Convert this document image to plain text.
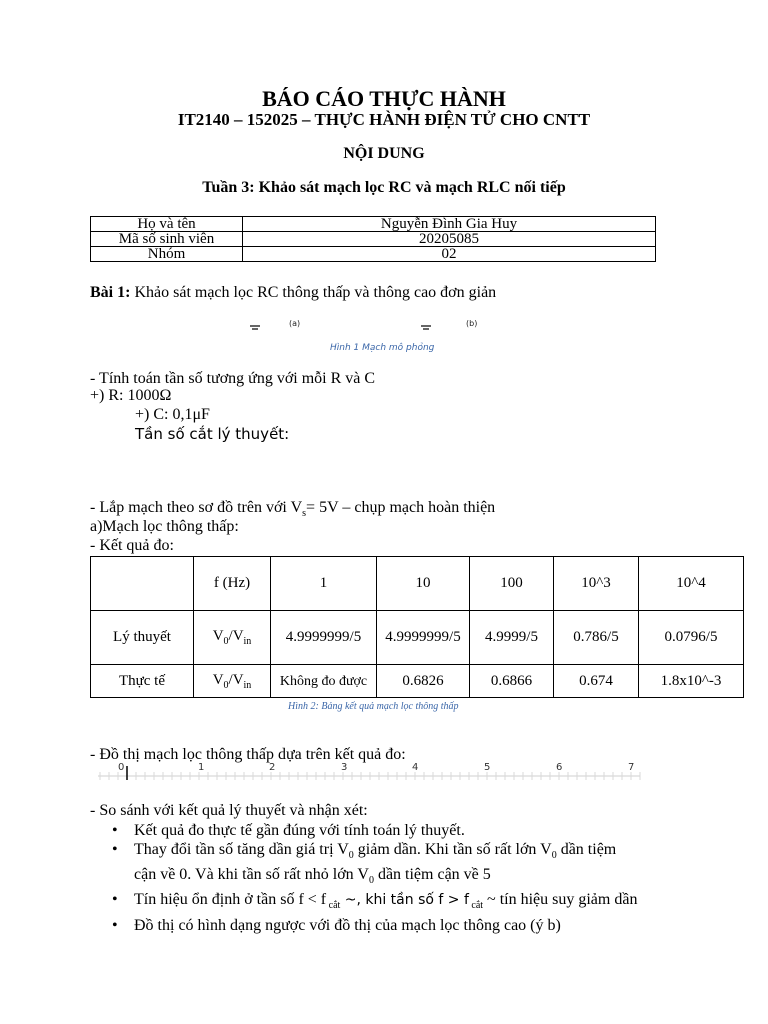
BÁO CÁO THỰC HÀNH
IT2140 – 152025 – THỰC HÀNH ĐIỆN TỬ CHO CNTT
NỘI DUNG
Tuần 3: Khảo sát mạch lọc RC và mạch RLC nối tiếp
Họ và tên	Nguyễn Đình Gia Huy
Mã số sinh viên	20205085
Nhóm	02
Bài 1: Khảo sát mạch lọc RC thông thấp và thông cao đơn giản
(a)	(b)
Hình 1 Mạch mô phỏng
- Tính toán tần số tương ứng với mỗi R và C
+) R: 1000Ω
+) C: 0,1μF
Tần số cắt lý thuyết:
- Lắp mạch theo sơ đồ trên với $V_s= 5V$ – chụp mạch hoàn thiện
a)Mạch lọc thông thấp:
- Kết quả đo:
	f (Hz)	1	10	100	10^3	10^4
Lý thuyết	$V_0/V_{in}$	4.9999999/5	4.9999999/5	4.9999/5	0.786/5	0.0796/5
Thực tế	$V_0/V_{in}$	Không đo được	0.6826	0.6866	0.674	1.8x10^-3
Hình 2: Bảng kết quả mạch lọc thông thấp
- Đồ thị mạch lọc thông thấp dựa trên kết quả đo:
0	1	2	3	4	5	6	7
- So sánh với kết quả lý thuyết và nhận xét:
• Kết quả đo thực tế gần đúng với tính toán lý thuyết.
• Thay đổi tần số tăng dần giá trị $V_0$ giảm dần. Khi tần số rất lớn $V_0$ dần tiệm
cận về 0. Và khi tần số rất nhỏ lớn $V_0$ dần tiệm cận về 5
• Tín hiệu ổn định ở tần số f < f $_{cắt}$ ~, khi tần số f > f $_{cắt}$ ~ tín hiệu suy giảm dần
• Đồ thị có hình dạng ngược với đồ thị của mạch lọc thông cao (ý b)
